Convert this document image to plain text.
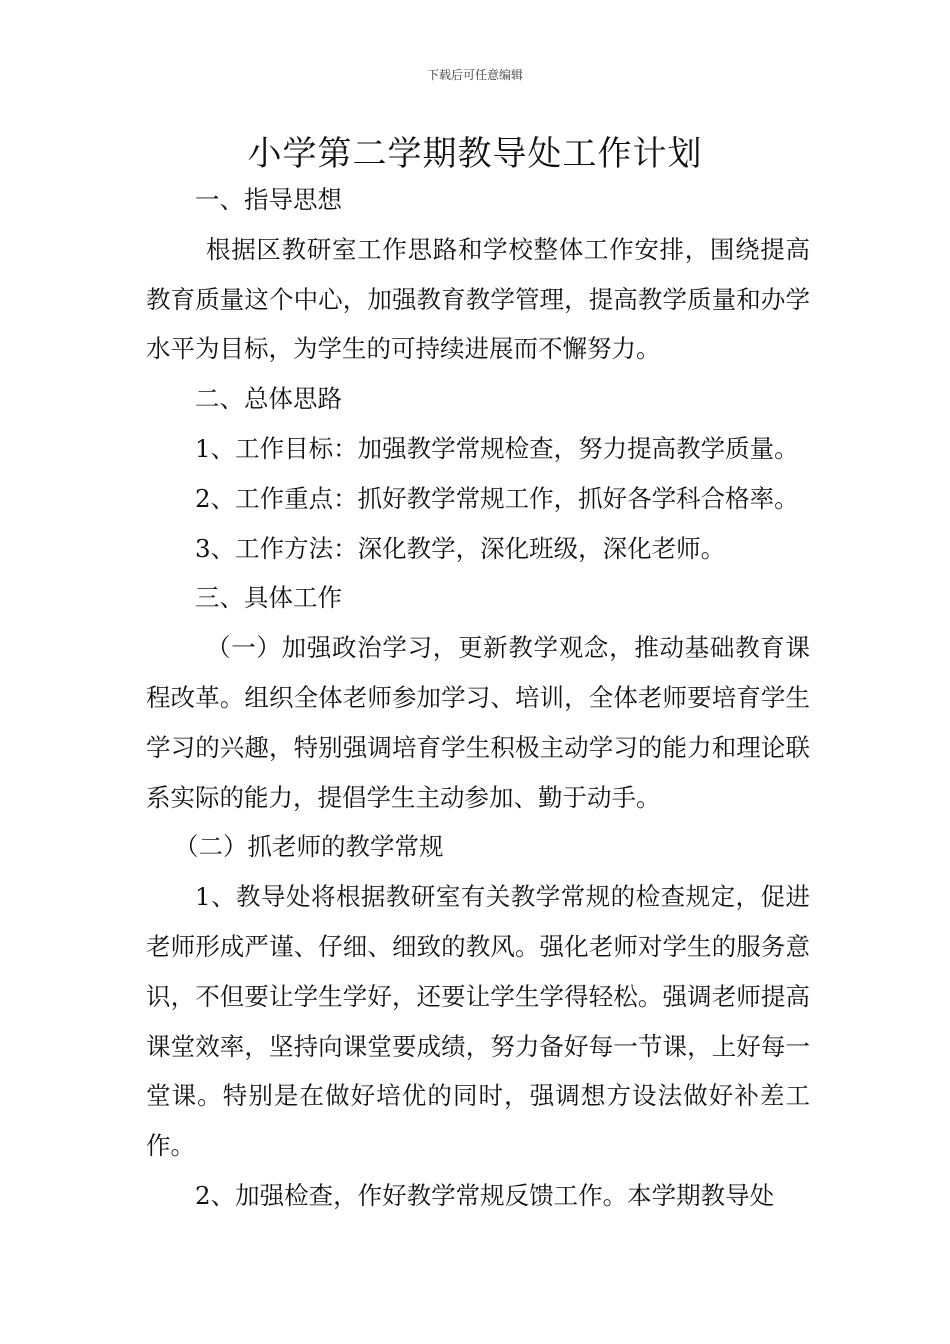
下载后可任意编辑
小学第二学期教导处工作计划

一、指导思想

根据区教研室工作思路和学校整体工作安排，围绕提高教育质量这个中心，加强教育教学管理，提高教学质量和办学水平为目标，为学生的可持续进展而不懈努力。

二、总体思路

1、工作目标：加强教学常规检查，努力提高教学质量。

2、工作重点：抓好教学常规工作，抓好各学科合格率。

3、工作方法：深化教学，深化班级，深化老师。

三、具体工作

（一）加强政治学习，更新教学观念，推动基础教育课程改革。组织全体老师参加学习、培训，全体老师要培育学生学习的兴趣，特别强调培育学生积极主动学习的能力和理论联系实际的能力，提倡学生主动参加、勤于动手。

（二）抓老师的教学常规

1、教导处将根据教研室有关教学常规的检查规定，促进老师形成严谨、仔细、细致的教风。强化老师对学生的服务意识，不但要让学生学好，还要让学生学得轻松。强调老师提高课堂效率，坚持向课堂要成绩，努力备好每一节课，上好每一堂课。特别是在做好培优的同时，强调想方设法做好补差工作。

2、加强检查，作好教学常规反馈工作。本学期教导处
